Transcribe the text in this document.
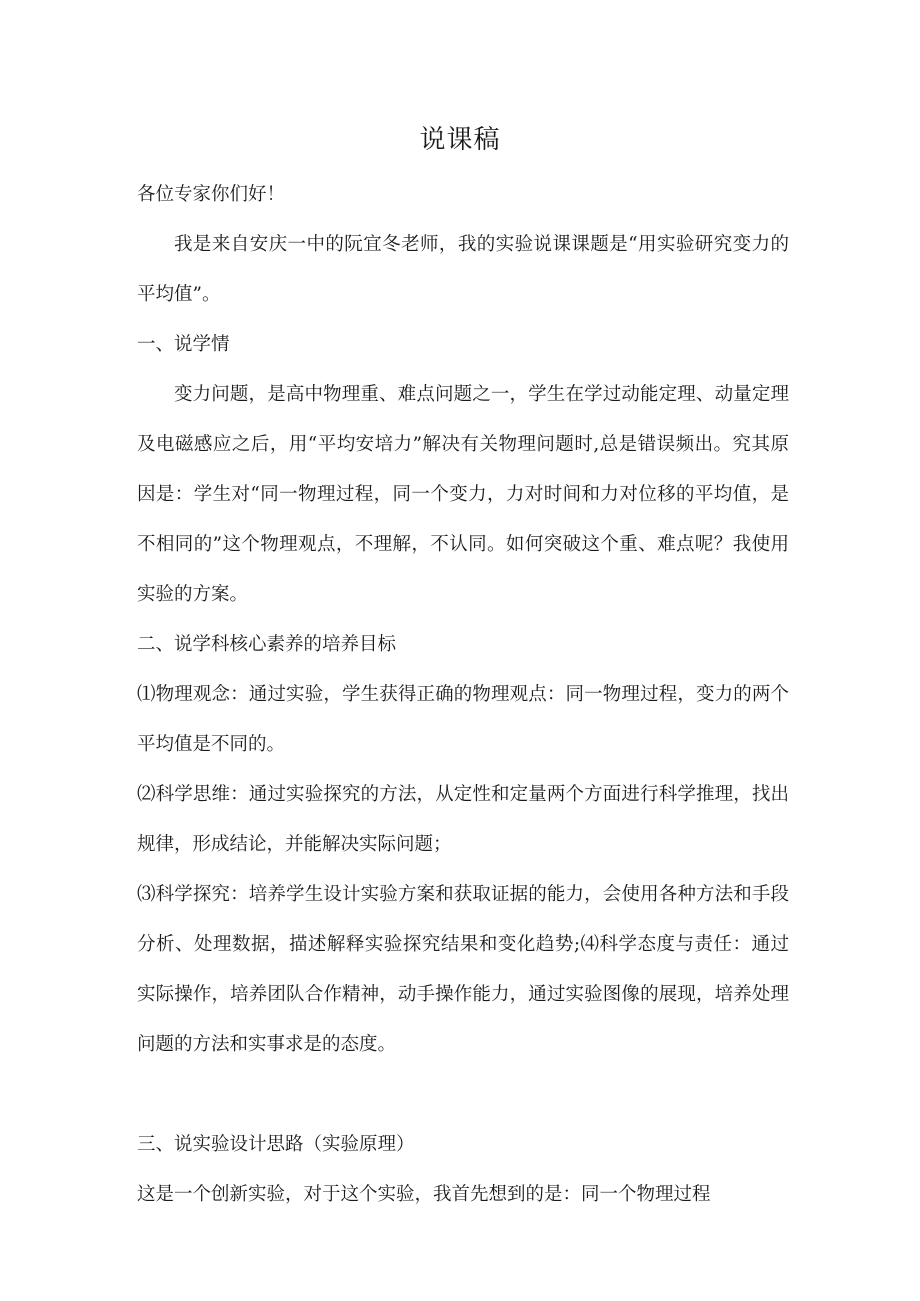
说课稿

各位专家你们好！

我是来自安庆一中的阮宜冬老师，我的实验说课课题是“用实验研究变力的平均值”。

一、说学情

变力问题，是高中物理重、难点问题之一，学生在学过动能定理、动量定理及电磁感应之后，用“平均安培力”解决有关物理问题时,总是错误频出。究其原因是：学生对“同一物理过程，同一个变力，力对时间和力对位移的平均值，是不相同的”这个物理观点，不理解，不认同。如何突破这个重、难点呢？我使用实验的方案。

二、说学科核心素养的培养目标

⑴物理观念：通过实验，学生获得正确的物理观点：同一物理过程，变力的两个平均值是不同的。

⑵科学思维：通过实验探究的方法，从定性和定量两个方面进行科学推理，找出规律，形成结论，并能解决实际问题；

⑶科学探究：培养学生设计实验方案和获取证据的能力，会使用各种方法和手段分析、处理数据，描述解释实验探究结果和变化趋势;⑷科学态度与责任：通过实际操作，培养团队合作精神，动手操作能力，通过实验图像的展现，培养处理问题的方法和实事求是的态度。

三、说实验设计思路（实验原理）

这是一个创新实验，对于这个实验，我首先想到的是：同一个物理过程
